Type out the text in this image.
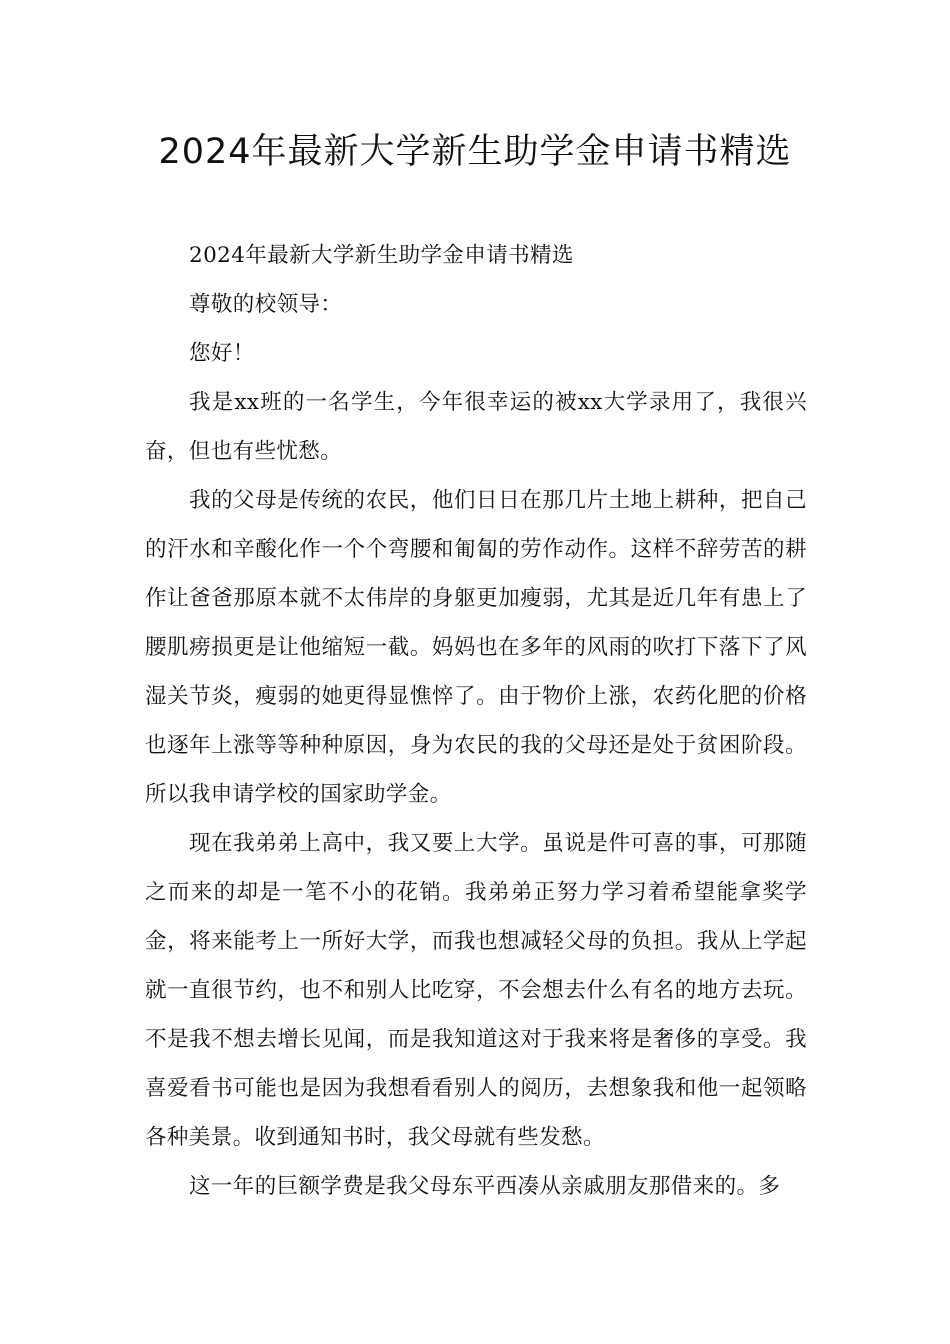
2024年最新大学新生助学金申请书精选

2024年最新大学新生助学金申请书精选

尊敬的校领导：

您好！

我是xx班的一名学生，今年很幸运的被xx大学录用了，我很兴奋，但也有些忧愁。

我的父母是传统的农民，他们日日在那几片土地上耕种，把自己的汗水和辛酸化作一个个弯腰和匍匐的劳作动作。这样不辞劳苦的耕作让爸爸那原本就不太伟岸的身躯更加瘦弱，尤其是近几年有患上了腰肌痨损更是让他缩短一截。妈妈也在多年的风雨的吹打下落下了风湿关节炎，瘦弱的她更得显憔悴了。由于物价上涨，农药化肥的价格也逐年上涨等等种种原因，身为农民的我的父母还是处于贫困阶段。所以我申请学校的国家助学金。

现在我弟弟上高中，我又要上大学。虽说是件可喜的事，可那随之而来的却是一笔不小的花销。我弟弟正努力学习着希望能拿奖学金，将来能考上一所好大学，而我也想减轻父母的负担。我从上学起就一直很节约，也不和别人比吃穿，不会想去什么有名的地方去玩。不是我不想去增长见闻，而是我知道这对于我来将是奢侈的享受。我喜爱看书可能也是因为我想看看别人的阅历，去想象我和他一起领略各种美景。收到通知书时，我父母就有些发愁。

这一年的巨额学费是我父母东平西凑从亲戚朋友那借来的。多
